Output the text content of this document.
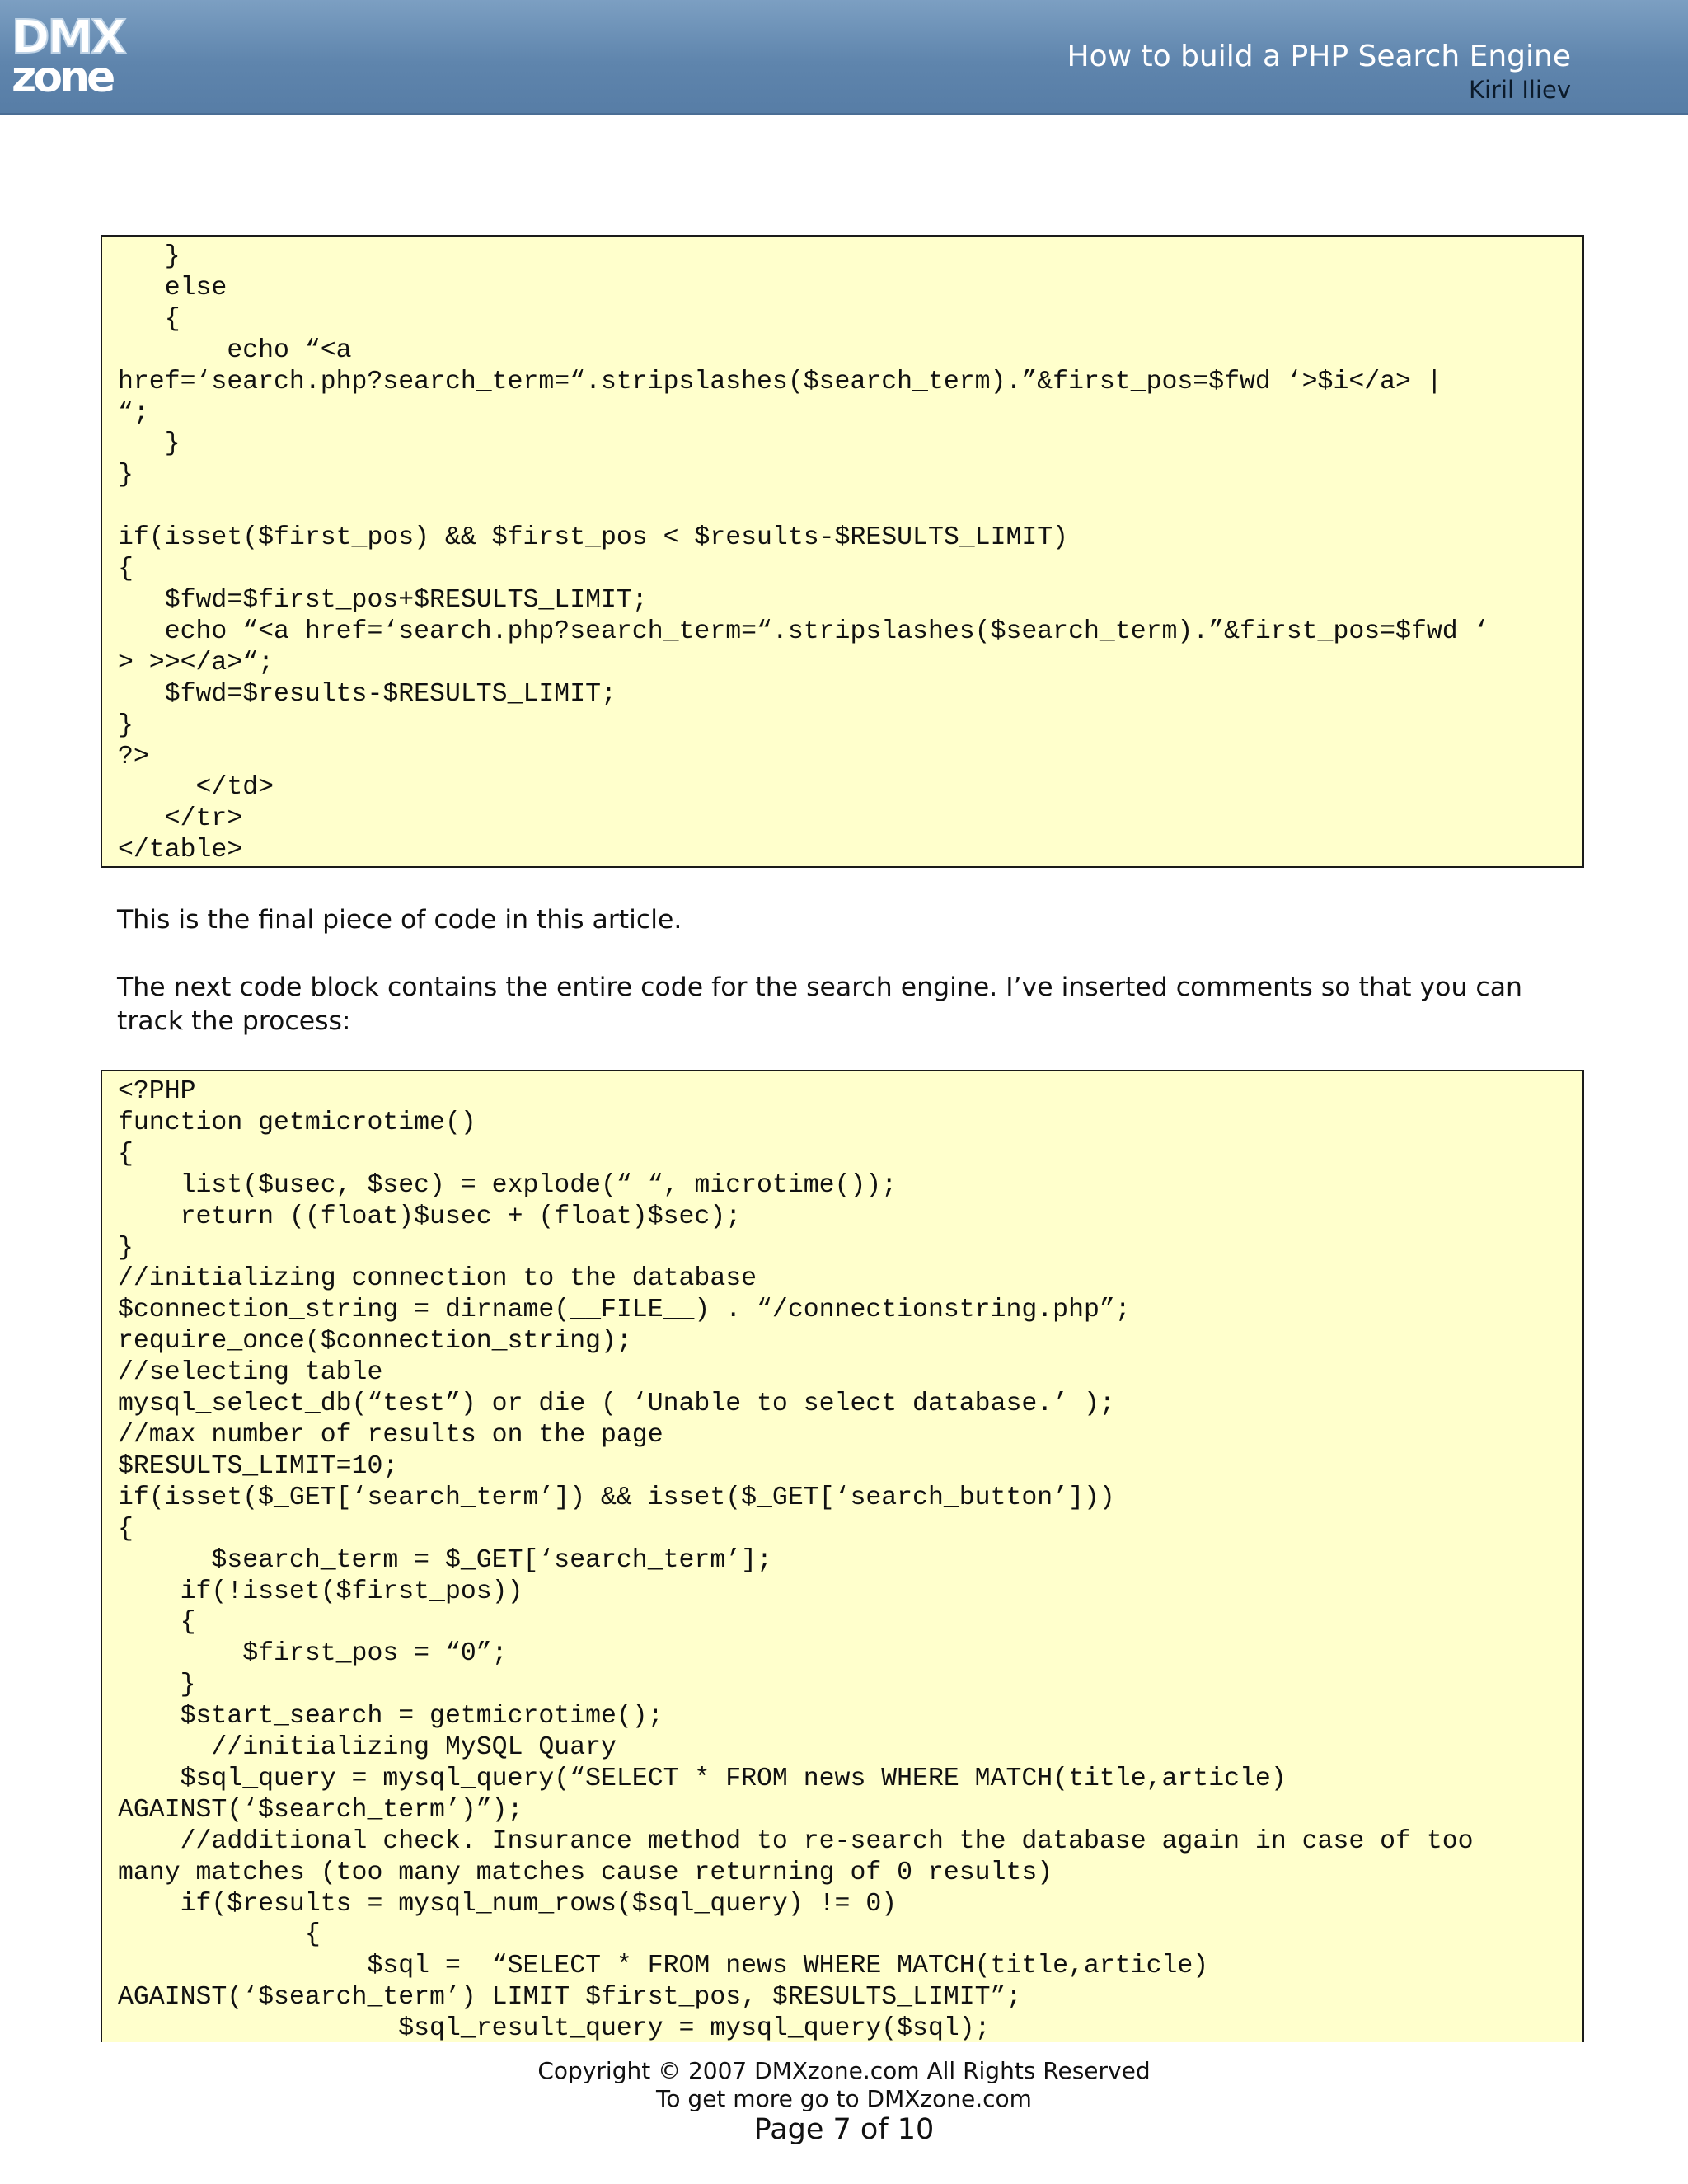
DMX
zone	How to build a PHP Search Engine
Kiril Iliev
}
else
{
echo “<a
href=‘search.php?search_term=“.stripslashes($search_term).”&first_pos=$fwd ‘>$i</a> |
“;
}
}

if(isset($first_pos) && $first_pos < $results-$RESULTS_LIMIT)
{
$fwd=$first_pos+$RESULTS_LIMIT;
echo “<a href=‘search.php?search_term=“.stripslashes($search_term).”&first_pos=$fwd ‘
> >></a>“;
$fwd=$results-$RESULTS_LIMIT;
}
?>
</td>
</tr>
</table>

This is the final piece of code in this article.

The next code block contains the entire code for the search engine. I’ve inserted comments so that you can track the process:

<?PHP
function getmicrotime()
{
list($usec, $sec) = explode(“ “, microtime());
return ((float)$usec + (float)$sec);
}
//initializing connection to the database
$connection_string = dirname(__FILE__) . “/connectionstring.php”;
require_once($connection_string);
//selecting table
mysql_select_db(“test”) or die ( ‘Unable to select database.’ );
//max number of results on the page
$RESULTS_LIMIT=10;
if(isset($_GET[‘search_term’]) && isset($_GET[‘search_button’]))
{
$search_term = $_GET[‘search_term’];
if(!isset($first_pos))
{
$first_pos = “0”;
}
$start_search = getmicrotime();
//initializing MySQL Quary
$sql_query = mysql_query(“SELECT * FROM news WHERE MATCH(title,article)
AGAINST(‘$search_term’)”);
//additional check. Insurance method to re-search the database again in case of too
many matches (too many matches cause returning of 0 results)
if($results = mysql_num_rows($sql_query) != 0)
{
$sql =  “SELECT * FROM news WHERE MATCH(title,article)
AGAINST(‘$search_term’) LIMIT $first_pos, $RESULTS_LIMIT”;
$sql_result_query = mysql_query($sql);
Copyright © 2007 DMXzone.com All Rights Reserved
To get more go to DMXzone.com
Page 7 of 10
